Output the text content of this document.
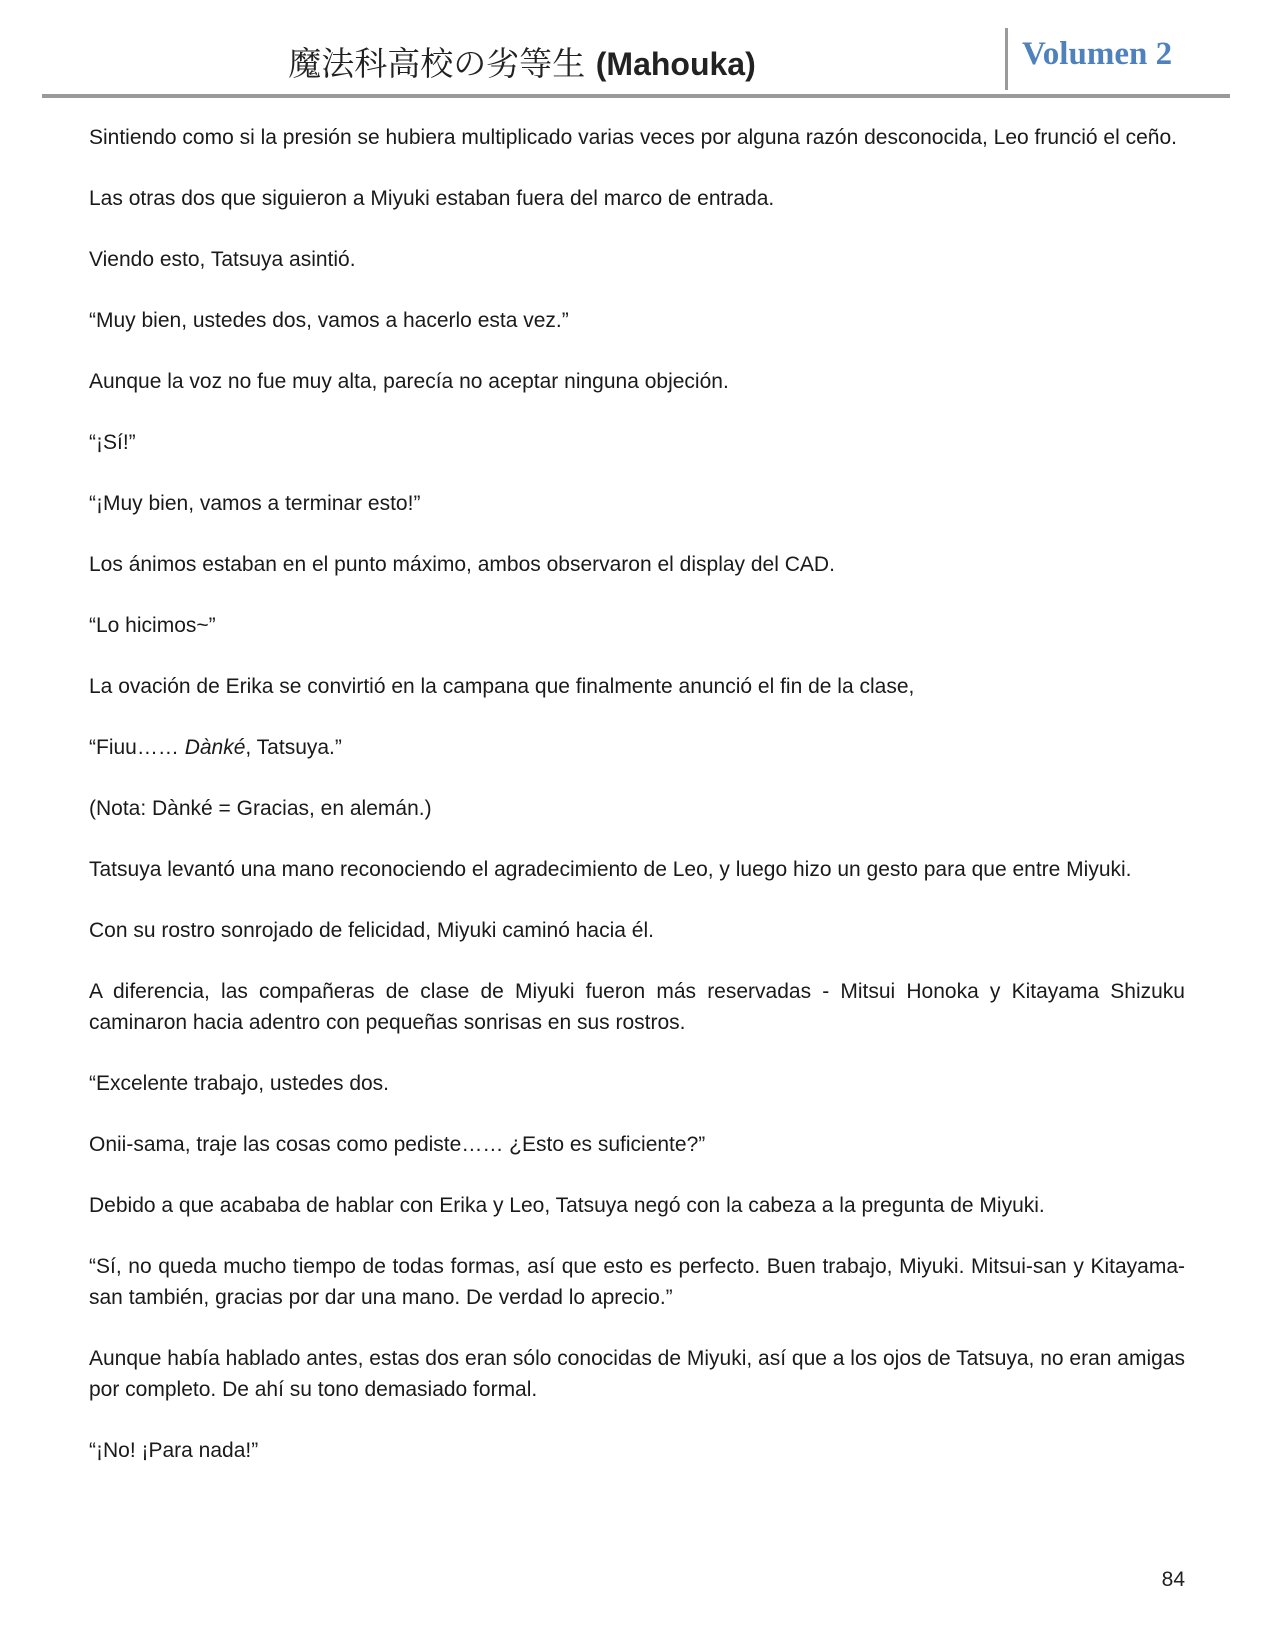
魔法科高校の劣等生 (Mahouka)	Volumen 2

Sintiendo como si la presión se hubiera multiplicado varias veces por alguna razón desconocida, Leo frunció el ceño.

Las otras dos que siguieron a Miyuki estaban fuera del marco de entrada.

Viendo esto, Tatsuya asintió.

“Muy bien, ustedes dos, vamos a hacerlo esta vez.”

Aunque la voz no fue muy alta, parecía no aceptar ninguna objeción.

“¡Sí!”

“¡Muy bien, vamos a terminar esto!”

Los ánimos estaban en el punto máximo, ambos observaron el display del CAD.

“Lo hicimos~”

La ovación de Erika se convirtió en la campana que finalmente anunció el fin de la clase,

“Fiuu…… Dànké, Tatsuya.”

(Nota: Dànké = Gracias, en alemán.)

Tatsuya levantó una mano reconociendo el agradecimiento de Leo, y luego hizo un gesto para que entre Miyuki.

Con su rostro sonrojado de felicidad, Miyuki caminó hacia él.

A diferencia, las compañeras de clase de Miyuki fueron más reservadas - Mitsui Honoka y Kitayama Shizuku caminaron hacia adentro con pequeñas sonrisas en sus rostros.

“Excelente trabajo, ustedes dos.

Onii-sama, traje las cosas como pediste…… ¿Esto es suficiente?”

Debido a que acababa de hablar con Erika y Leo, Tatsuya negó con la cabeza a la pregunta de Miyuki.

“Sí, no queda mucho tiempo de todas formas, así que esto es perfecto. Buen trabajo, Miyuki. Mitsui-san y Kitayama-san también, gracias por dar una mano. De verdad lo aprecio.”

Aunque había hablado antes, estas dos eran sólo conocidas de Miyuki, así que a los ojos de Tatsuya, no eran amigas por completo. De ahí su tono demasiado formal.

“¡No! ¡Para nada!”

84
